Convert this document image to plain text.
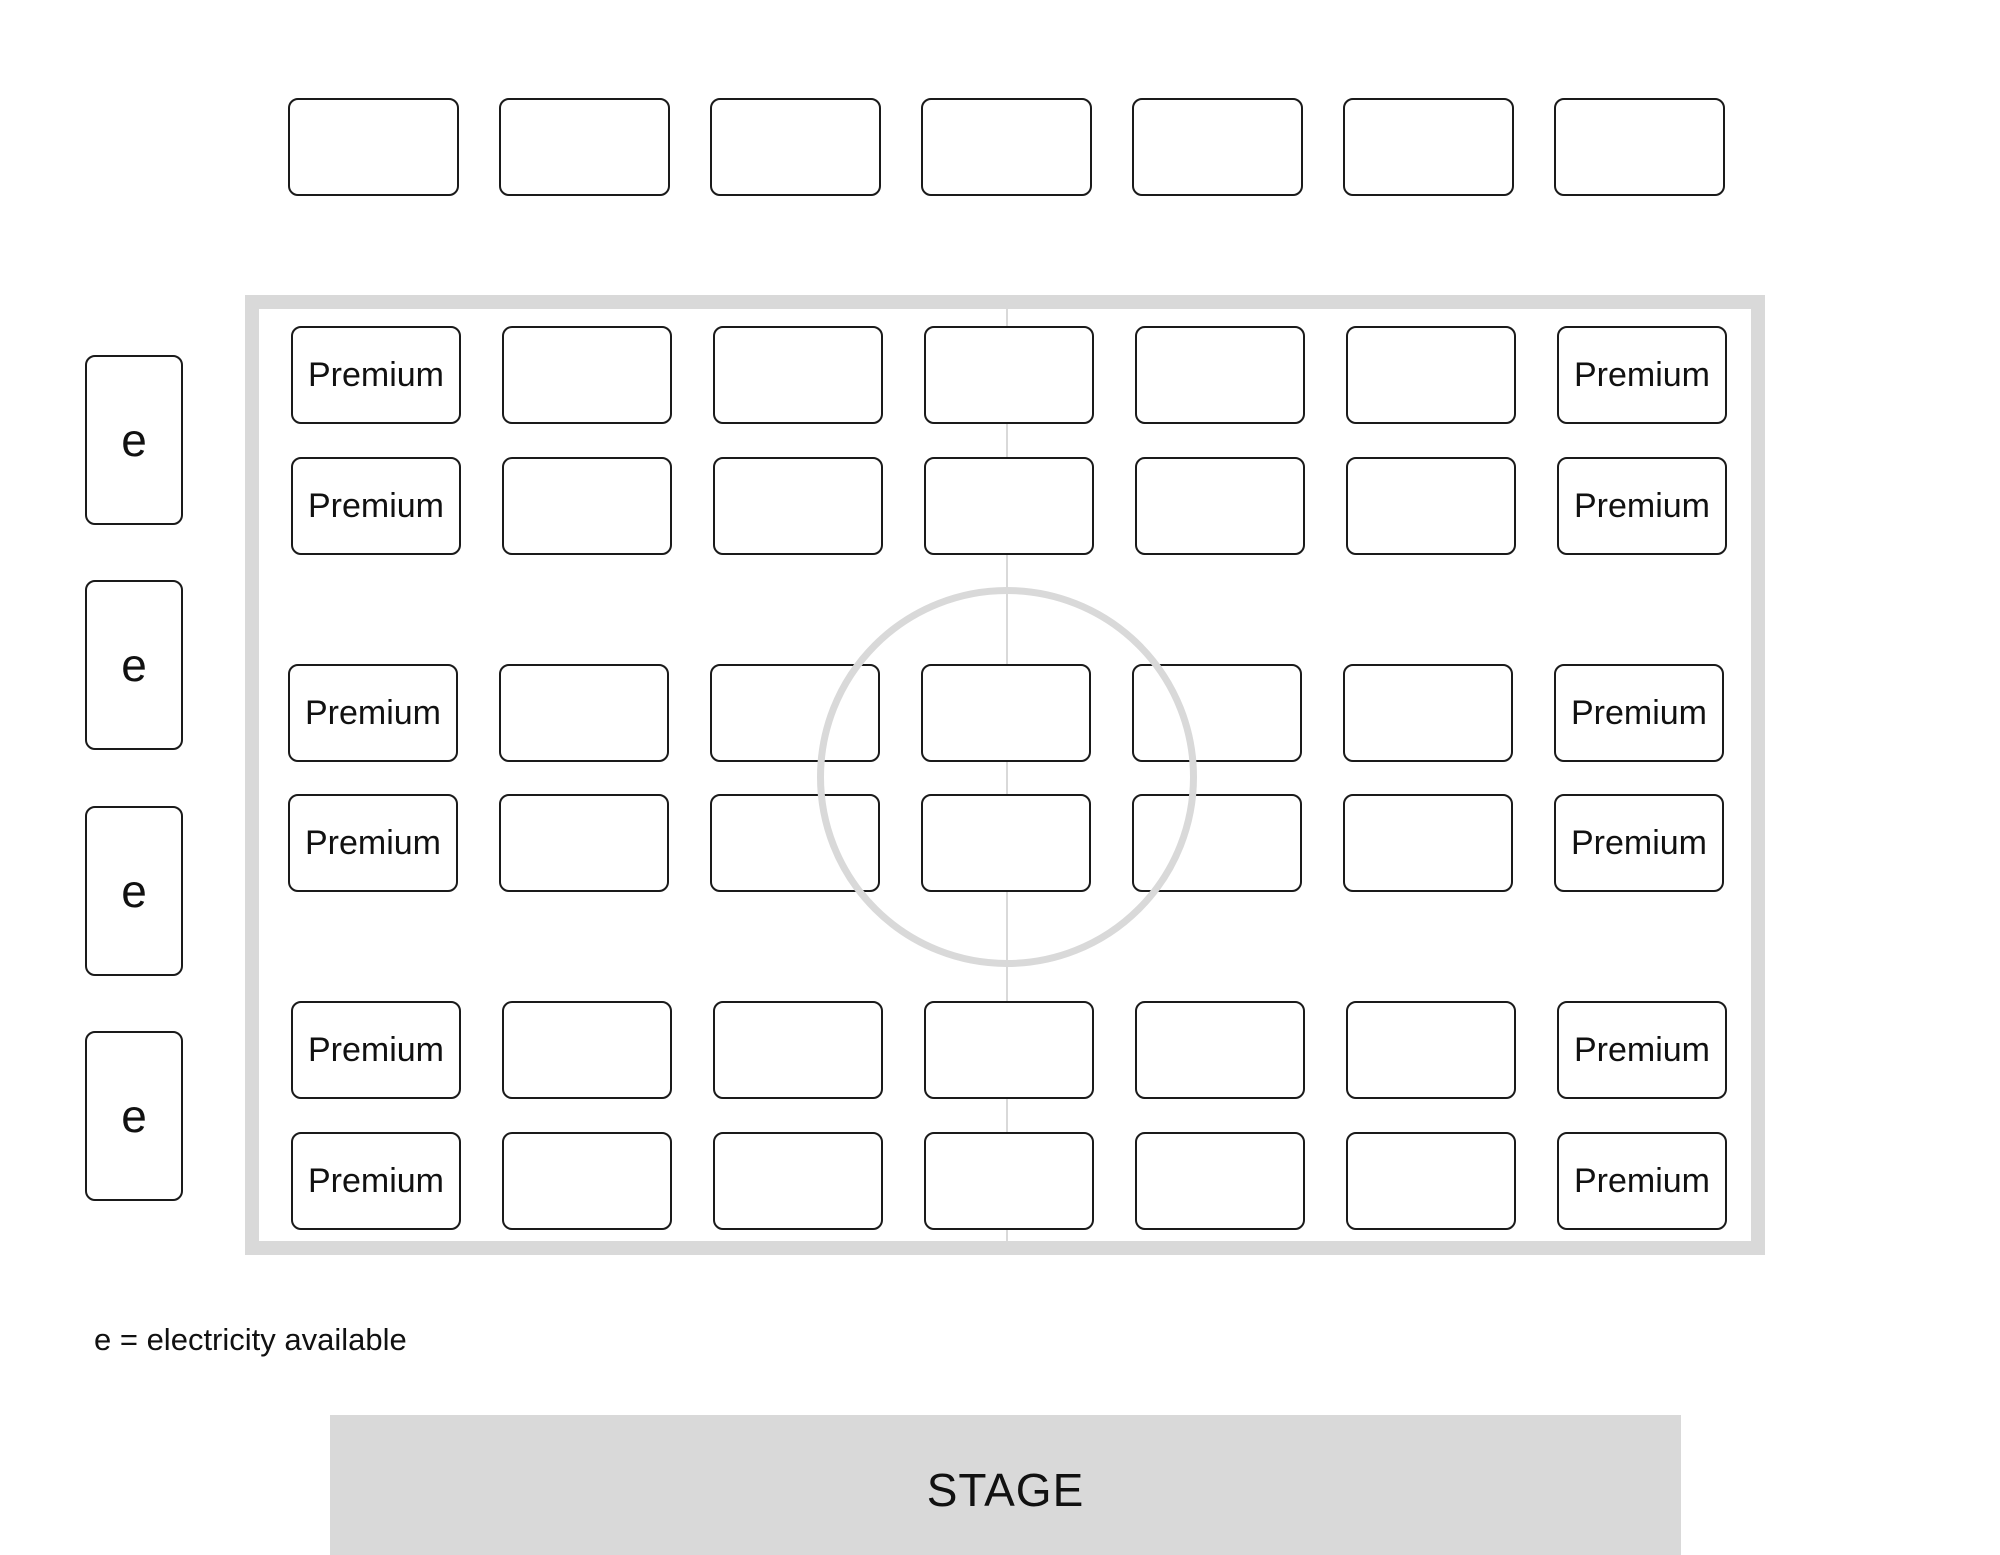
e
e
e
e
Premium	Premium
Premium	Premium
Premium	Premium
Premium	Premium
Premium	Premium
Premium	Premium
e = electricity available
STAGE
